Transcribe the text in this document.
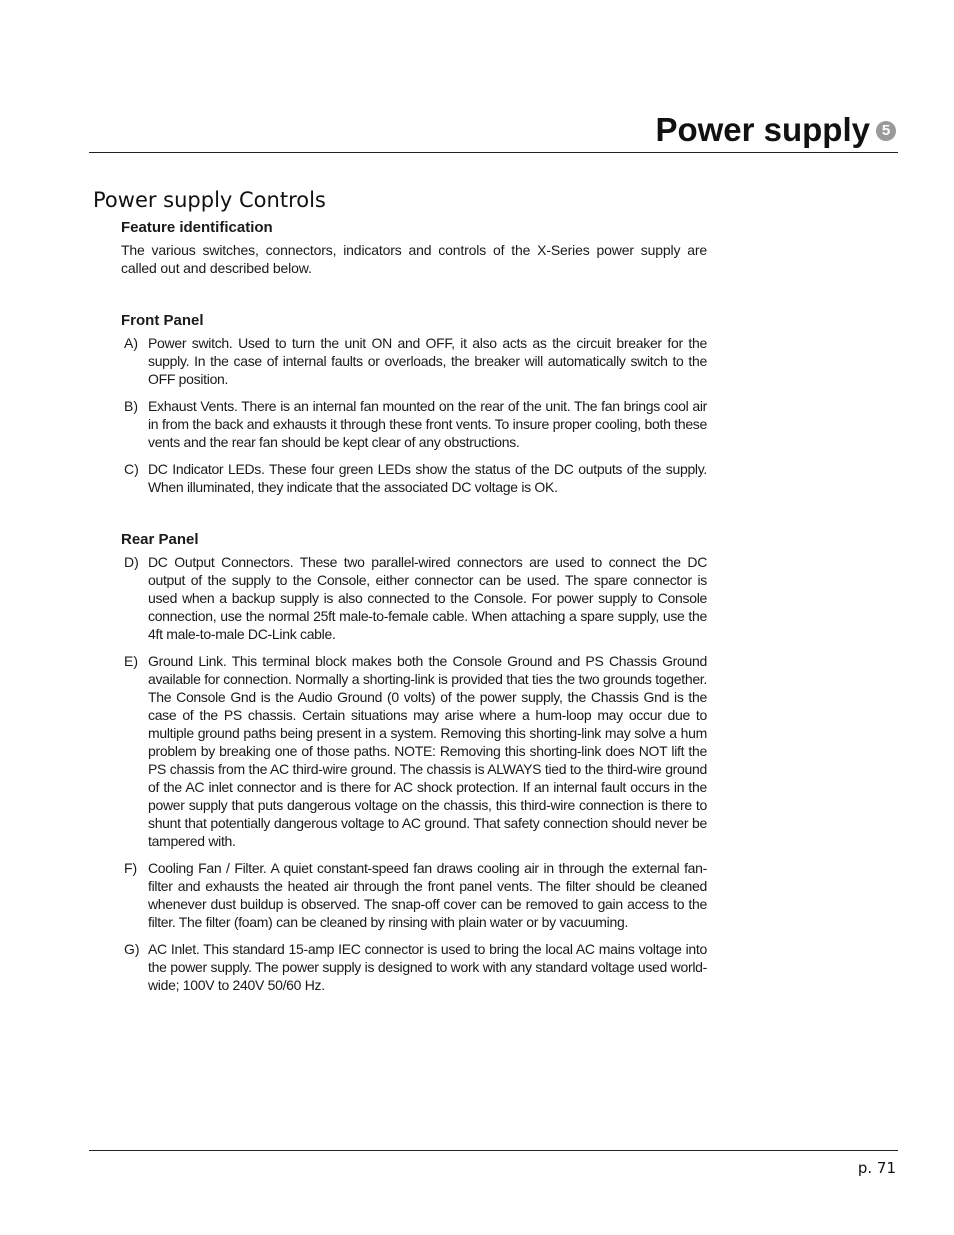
Power supply 5
Power supply Controls
Feature identification

The various switches, connectors, indicators and controls of the X-Series power supply are called out and described below.

Front Panel
A) Power switch. Used to turn the unit ON and OFF, it also acts as the circuit breaker for the supply. In the case of internal faults or overloads, the breaker will automatically switch to the OFF position.
B) Exhaust Vents. There is an internal fan mounted on the rear of the unit. The fan brings cool air in from the back and exhausts it through these front vents. To insure proper cooling, both these vents and the rear fan should be kept clear of any obstructions.
C) DC Indicator LEDs. These four green LEDs show the status of the DC outputs of the supply. When illuminated, they indicate that the associated DC voltage is OK.
Rear Panel
D) DC Output Connectors. These two parallel-wired connectors are used to connect the DC output of the supply to the Console, either connector can be used. The spare connector is used when a backup supply is also connected to the Console. For power supply to Console connection, use the normal 25ft male-to-female cable. When attaching a spare supply, use the 4ft male-to-male DC-Link cable.
E) Ground Link. This terminal block makes both the Console Ground and PS Chassis Ground available for connection. Normally a shorting-link is provided that ties the two grounds together. The Console Gnd is the Audio Ground (0 volts) of the power supply, the Chassis Gnd is the case of the PS chassis. Certain situations may arise where a hum-loop may occur due to multiple ground paths being present in a system. Removing this shorting-link may solve a hum problem by breaking one of those paths. NOTE: Removing this shorting-link does NOT lift the PS chassis from the AC third-wire ground. The chassis is ALWAYS tied to the third-wire ground of the AC inlet connector and is there for AC shock protection. If an internal fault occurs in the power supply that puts dangerous voltage on the chassis, this third-wire connection is there to shunt that potentially dangerous voltage to AC ground. That safety connection should never be tampered with.
F) Cooling Fan / Filter. A quiet constant-speed fan draws cooling air in through the external fan-filter and exhausts the heated air through the front panel vents. The filter should be cleaned whenever dust buildup is observed. The snap-off cover can be removed to gain access to the filter. The filter (foam) can be cleaned by rinsing with plain water or by vacuuming.
G) AC Inlet. This standard 15-amp IEC connector is used to bring the local AC mains voltage into the power supply. The power supply is designed to work with any standard voltage used world-wide; 100V to 240V 50/60 Hz.
p. 71
